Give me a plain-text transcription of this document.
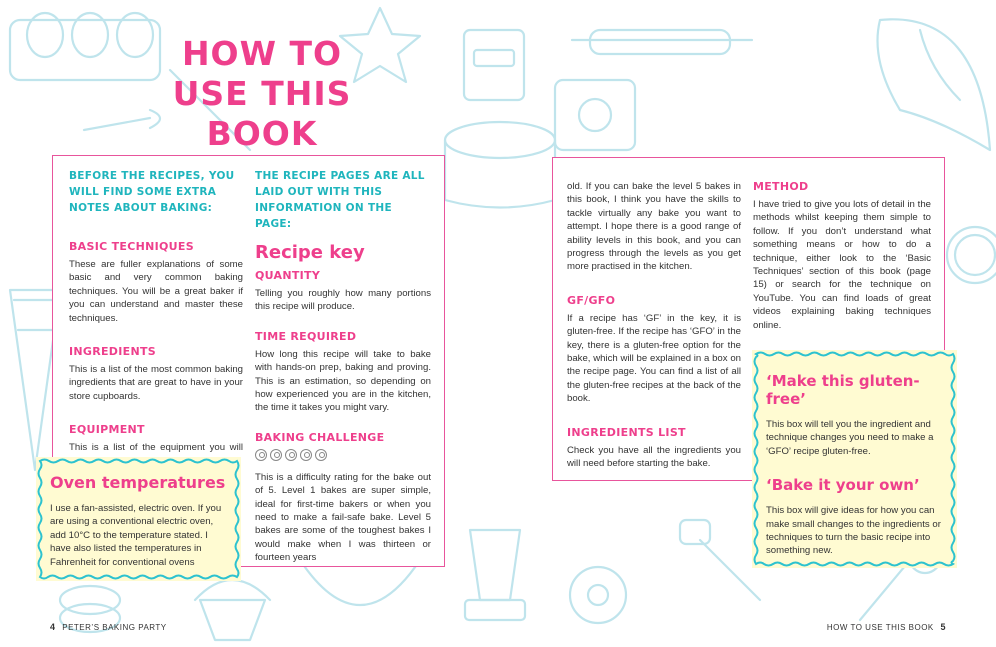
HOW TO
USE THIS BOOK
BEFORE THE RECIPES, YOU WILL FIND SOME EXTRA NOTES ABOUT BAKING:
BASIC TECHNIQUES
These are fuller explanations of some basic and very common baking techniques. You will be a great baker if you can understand and master these techniques.
INGREDIENTS
This is a list of the most common baking ingredients that are great to have in your store cupboards.
EQUIPMENT
This is a list of the equipment you will
THE RECIPE PAGES ARE ALL LAID OUT WITH THIS INFORMATION ON THE PAGE:
Recipe key
QUANTITY
Telling you roughly how many portions this recipe will produce.
TIME REQUIRED
How long this recipe will take to bake with hands-on prep, baking and proving. This is an estimation, so depending on how experienced you are in the kitchen, the time it takes you might vary.
BAKING CHALLENGE
This is a difficulty rating for the bake out of 5. Level 1 bakes are super simple, ideal for first-time bakers or when you need to make a fail-safe bake. Level 5 bakes are some of the toughest bakes I would make when I was thirteen or fourteen years
Oven temperatures
I use a fan-assisted, electric oven. If you are using a conventional electric oven, add 10°C to the temperature stated. I have also listed the temperatures in Fahrenheit for conventional ovens
old. If you can bake the level 5 bakes in this book, I think you have the skills to tackle virtually any bake you want to attempt. I hope there is a good range of ability levels in this book, and you can progress through the levels as you get more practised in the kitchen.
GF/GFO
If a recipe has ‘GF’ in the key, it is gluten-free. If the recipe has ‘GFO’ in the key, there is a gluten-free option for the bake, which will be explained in a box on the recipe page. You can find a list of all the gluten-free recipes at the back of the book.
INGREDIENTS LIST
Check you have all the ingredients you will need before starting the bake.
METHOD
I have tried to give you lots of detail in the methods whilst keeping them simple to follow. If you don’t understand what something means or how to do a technique, either look to the ‘Basic Techniques’ section of this book (page 15) or search for the technique on YouTube. You can find loads of great videos explaining baking techniques online.
‘Make this gluten-free’
This box will tell you the ingredient and technique changes you need to make a ‘GFO’ recipe gluten-free.
‘Bake it your own’
This box will give ideas for how you can make small changes to the ingredients or techniques to turn the basic recipe into something new.
4 PETER’S BAKING PARTY	HOW TO USE THIS BOOK 5
